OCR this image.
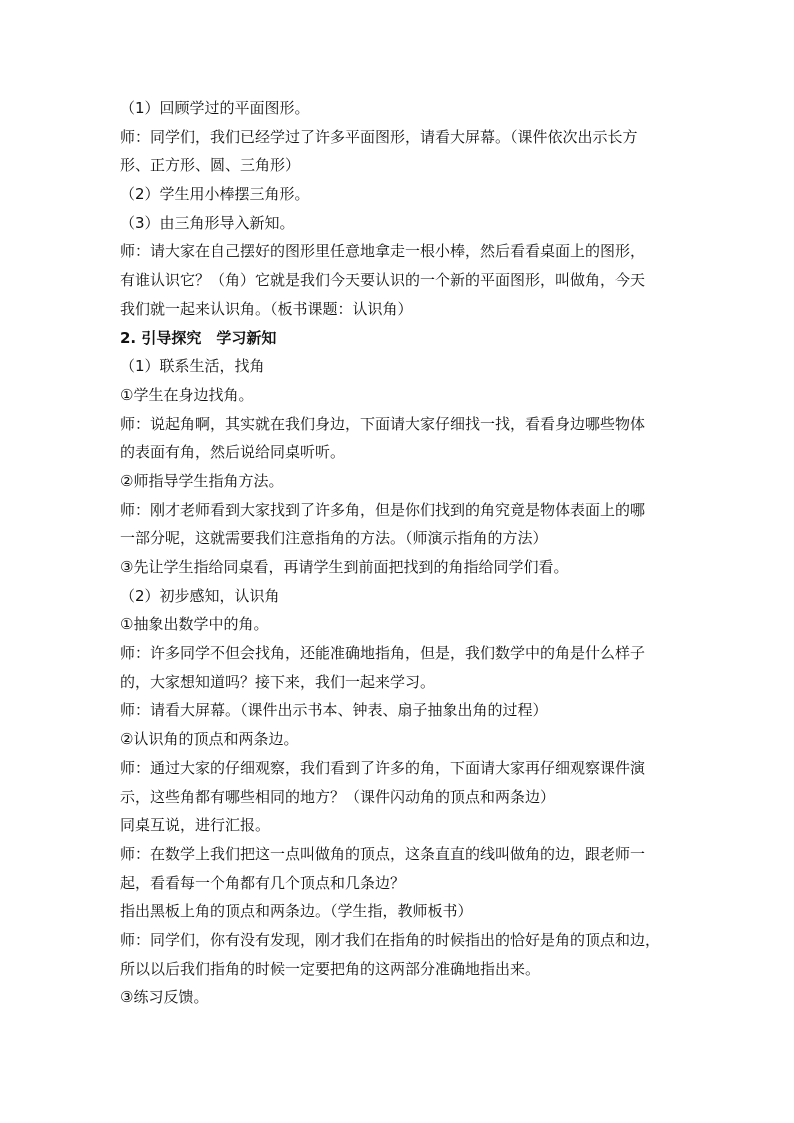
（1）回顾学过的平面图形。
师：同学们，我们已经学过了许多平面图形，请看大屏幕。（课件依次出示长方
形、正方形、圆、三角形）
（2）学生用小棒摆三角形。
（3）由三角形导入新知。
师：请大家在自己摆好的图形里任意地拿走一根小棒，然后看看桌面上的图形，
有谁认识它？（角）它就是我们今天要认识的一个新的平面图形，叫做角，今天
我们就一起来认识角。（板书课题：认识角）
2. 引导探究　学习新知
（1）联系生活，找角
①学生在身边找角。
师：说起角啊，其实就在我们身边，下面请大家仔细找一找，看看身边哪些物体
的表面有角，然后说给同桌听听。
②师指导学生指角方法。
师：刚才老师看到大家找到了许多角，但是你们找到的角究竟是物体表面上的哪
一部分呢，这就需要我们注意指角的方法。（师演示指角的方法）
③先让学生指给同桌看，再请学生到前面把找到的角指给同学们看。
（2）初步感知，认识角
①抽象出数学中的角。
师：许多同学不但会找角，还能准确地指角，但是，我们数学中的角是什么样子
的，大家想知道吗？接下来，我们一起来学习。
师：请看大屏幕。（课件出示书本、钟表、扇子抽象出角的过程）
②认识角的顶点和两条边。
师：通过大家的仔细观察，我们看到了许多的角，下面请大家再仔细观察课件演
示，这些角都有哪些相同的地方？（课件闪动角的顶点和两条边）
同桌互说，进行汇报。
师：在数学上我们把这一点叫做角的顶点，这条直直的线叫做角的边，跟老师一
起，看看每一个角都有几个顶点和几条边？
指出黑板上角的顶点和两条边。（学生指，教师板书）
师：同学们，你有没有发现，刚才我们在指角的时候指出的恰好是角的顶点和边，
所以以后我们指角的时候一定要把角的这两部分准确地指出来。
③练习反馈。
